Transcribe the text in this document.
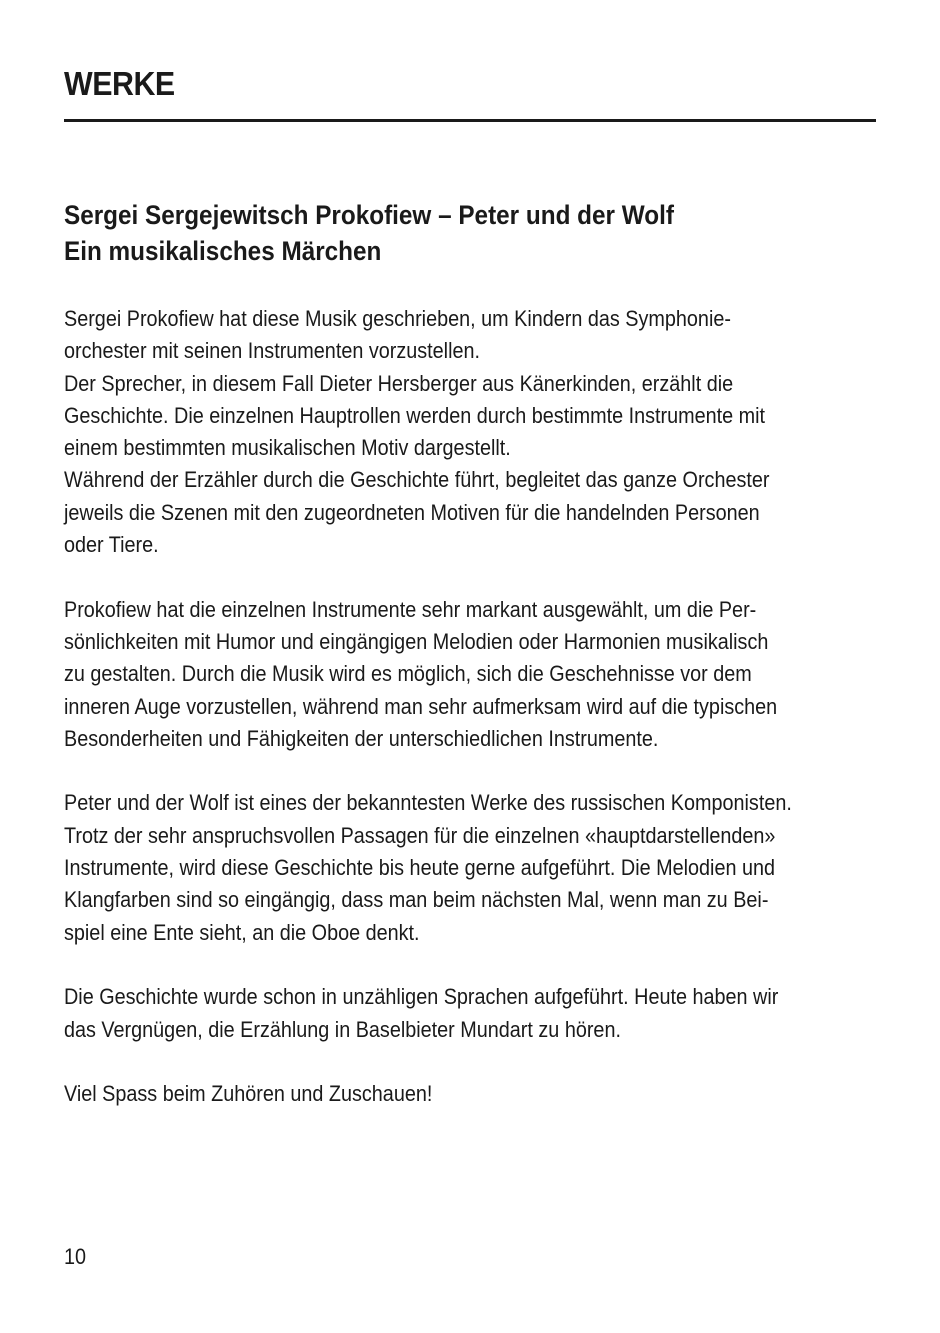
WERKE
Sergei Sergejewitsch Prokofiew – Peter und der Wolf
Ein musikalisches Märchen

Sergei Prokofiew hat diese Musik geschrieben, um Kindern das Symphonie-
orchester mit seinen Instrumenten vorzustellen.
Der Sprecher, in diesem Fall Dieter Hersberger aus Känerkinden, erzählt die
Geschichte. Die einzelnen Hauptrollen werden durch bestimmte Instrumente mit
einem bestimmten musikalischen Motiv dargestellt.
Während der Erzähler durch die Geschichte führt, begleitet das ganze Orchester
jeweils die Szenen mit den zugeordneten Motiven für die handelnden Personen
oder Tiere.

Prokofiew hat die einzelnen Instrumente sehr markant ausgewählt, um die Per-
sönlichkeiten mit Humor und eingängigen Melodien oder Harmonien musikalisch
zu gestalten. Durch die Musik wird es möglich, sich die Geschehnisse vor dem
inneren Auge vorzustellen, während man sehr aufmerksam wird auf die typischen
Besonderheiten und Fähigkeiten der unterschiedlichen Instrumente.

Peter und der Wolf ist eines der bekanntesten Werke des russischen Komponisten.
Trotz der sehr anspruchsvollen Passagen für die einzelnen «hauptdarstellenden»
Instrumente, wird diese Geschichte bis heute gerne aufgeführt. Die Melodien und
Klangfarben sind so eingängig, dass man beim nächsten Mal, wenn man zu Bei-
spiel eine Ente sieht, an die Oboe denkt.

Die Geschichte wurde schon in unzähligen Sprachen aufgeführt. Heute haben wir
das Vergnügen, die Erzählung in Baselbieter Mundart zu hören.

Viel Spass beim Zuhören und Zuschauen!

10
